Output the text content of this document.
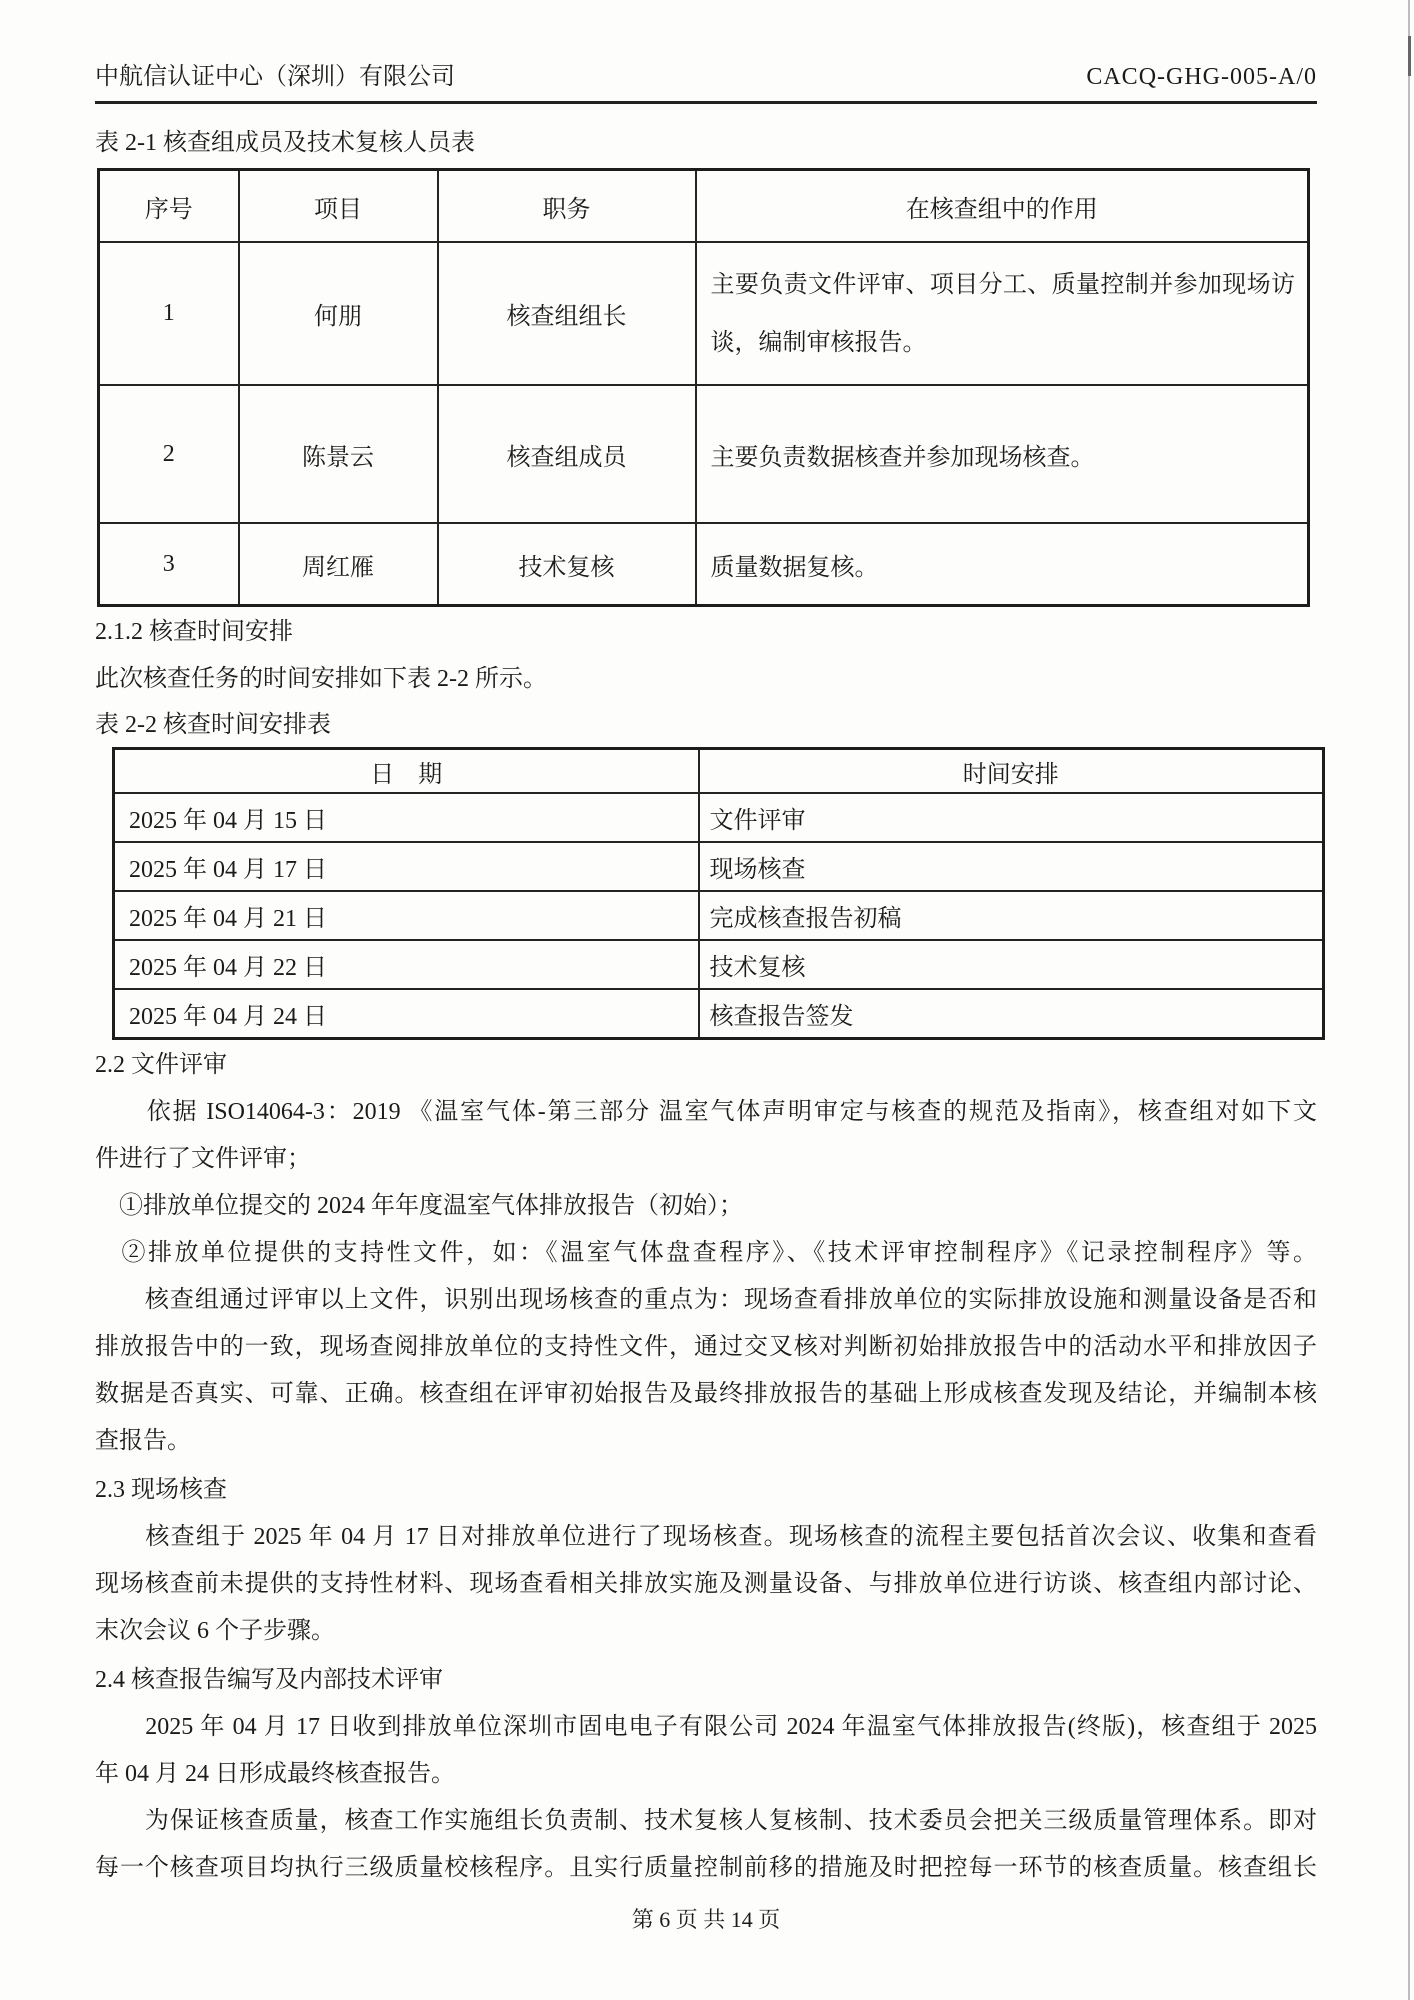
中航信认证中心（深圳）有限公司	CACQ-GHG-005-A/0
表 2-1 核查组成员及技术复核人员表
序号	项目	职务	在核查组中的作用
1	何朋	核查组组长	主要负责文件评审、项目分工、质量控制并参加现场访
谈，编制审核报告。

2	陈景云	核查组成员	主要负责数据核查并参加现场核查。
3	周红雁	技术复核	质量数据复核。
2.1.2 核查时间安排
此次核查任务的时间安排如下表 2-2 所示。
表 2-2 核查时间安排表
日　期	时间安排
2025 年 04 月 15 日	文件评审
2025 年 04 月 17 日	现场核查
2025 年 04 月 21 日	完成核查报告初稿
2025 年 04 月 22 日	技术复核
2025 年 04 月 24 日	核查报告签发
2.2 文件评审
　　依据 ISO14064-3：2019 《温室气体-第三部分 温室气体声明审定与核查的规范及指南》，核查组对如下文
件进行了文件评审；
　①排放单位提交的 2024 年年度温室气体排放报告（初始）；
　②排放单位提供的支持性文件，如：《温室气体盘查程序》、《技术评审控制程序》《记录控制程序》等。
　　核查组通过评审以上文件，识别出现场核查的重点为：现场查看排放单位的实际排放设施和测量设备是否和
排放报告中的一致，现场查阅排放单位的支持性文件，通过交叉核对判断初始排放报告中的活动水平和排放因子
数据是否真实、可靠、正确。核查组在评审初始报告及最终排放报告的基础上形成核查发现及结论，并编制本核
查报告。
2.3 现场核查
　　核查组于 2025 年 04 月 17 日对排放单位进行了现场核查。现场核查的流程主要包括首次会议、收集和查看
现场核查前未提供的支持性材料、现场查看相关排放实施及测量设备、与排放单位进行访谈、核查组内部讨论、
末次会议 6 个子步骤。
2.4 核查报告编写及内部技术评审
　　2025 年 04 月 17 日收到排放单位深圳市固电电子有限公司 2024 年温室气体排放报告(终版)，核查组于 2025
年 04 月 24 日形成最终核查报告。
　　为保证核查质量，核查工作实施组长负责制、技术复核人复核制、技术委员会把关三级质量管理体系。即对
每一个核查项目均执行三级质量校核程序。且实行质量控制前移的措施及时把控每一环节的核查质量。核查组长
第 6 页 共 14 页
